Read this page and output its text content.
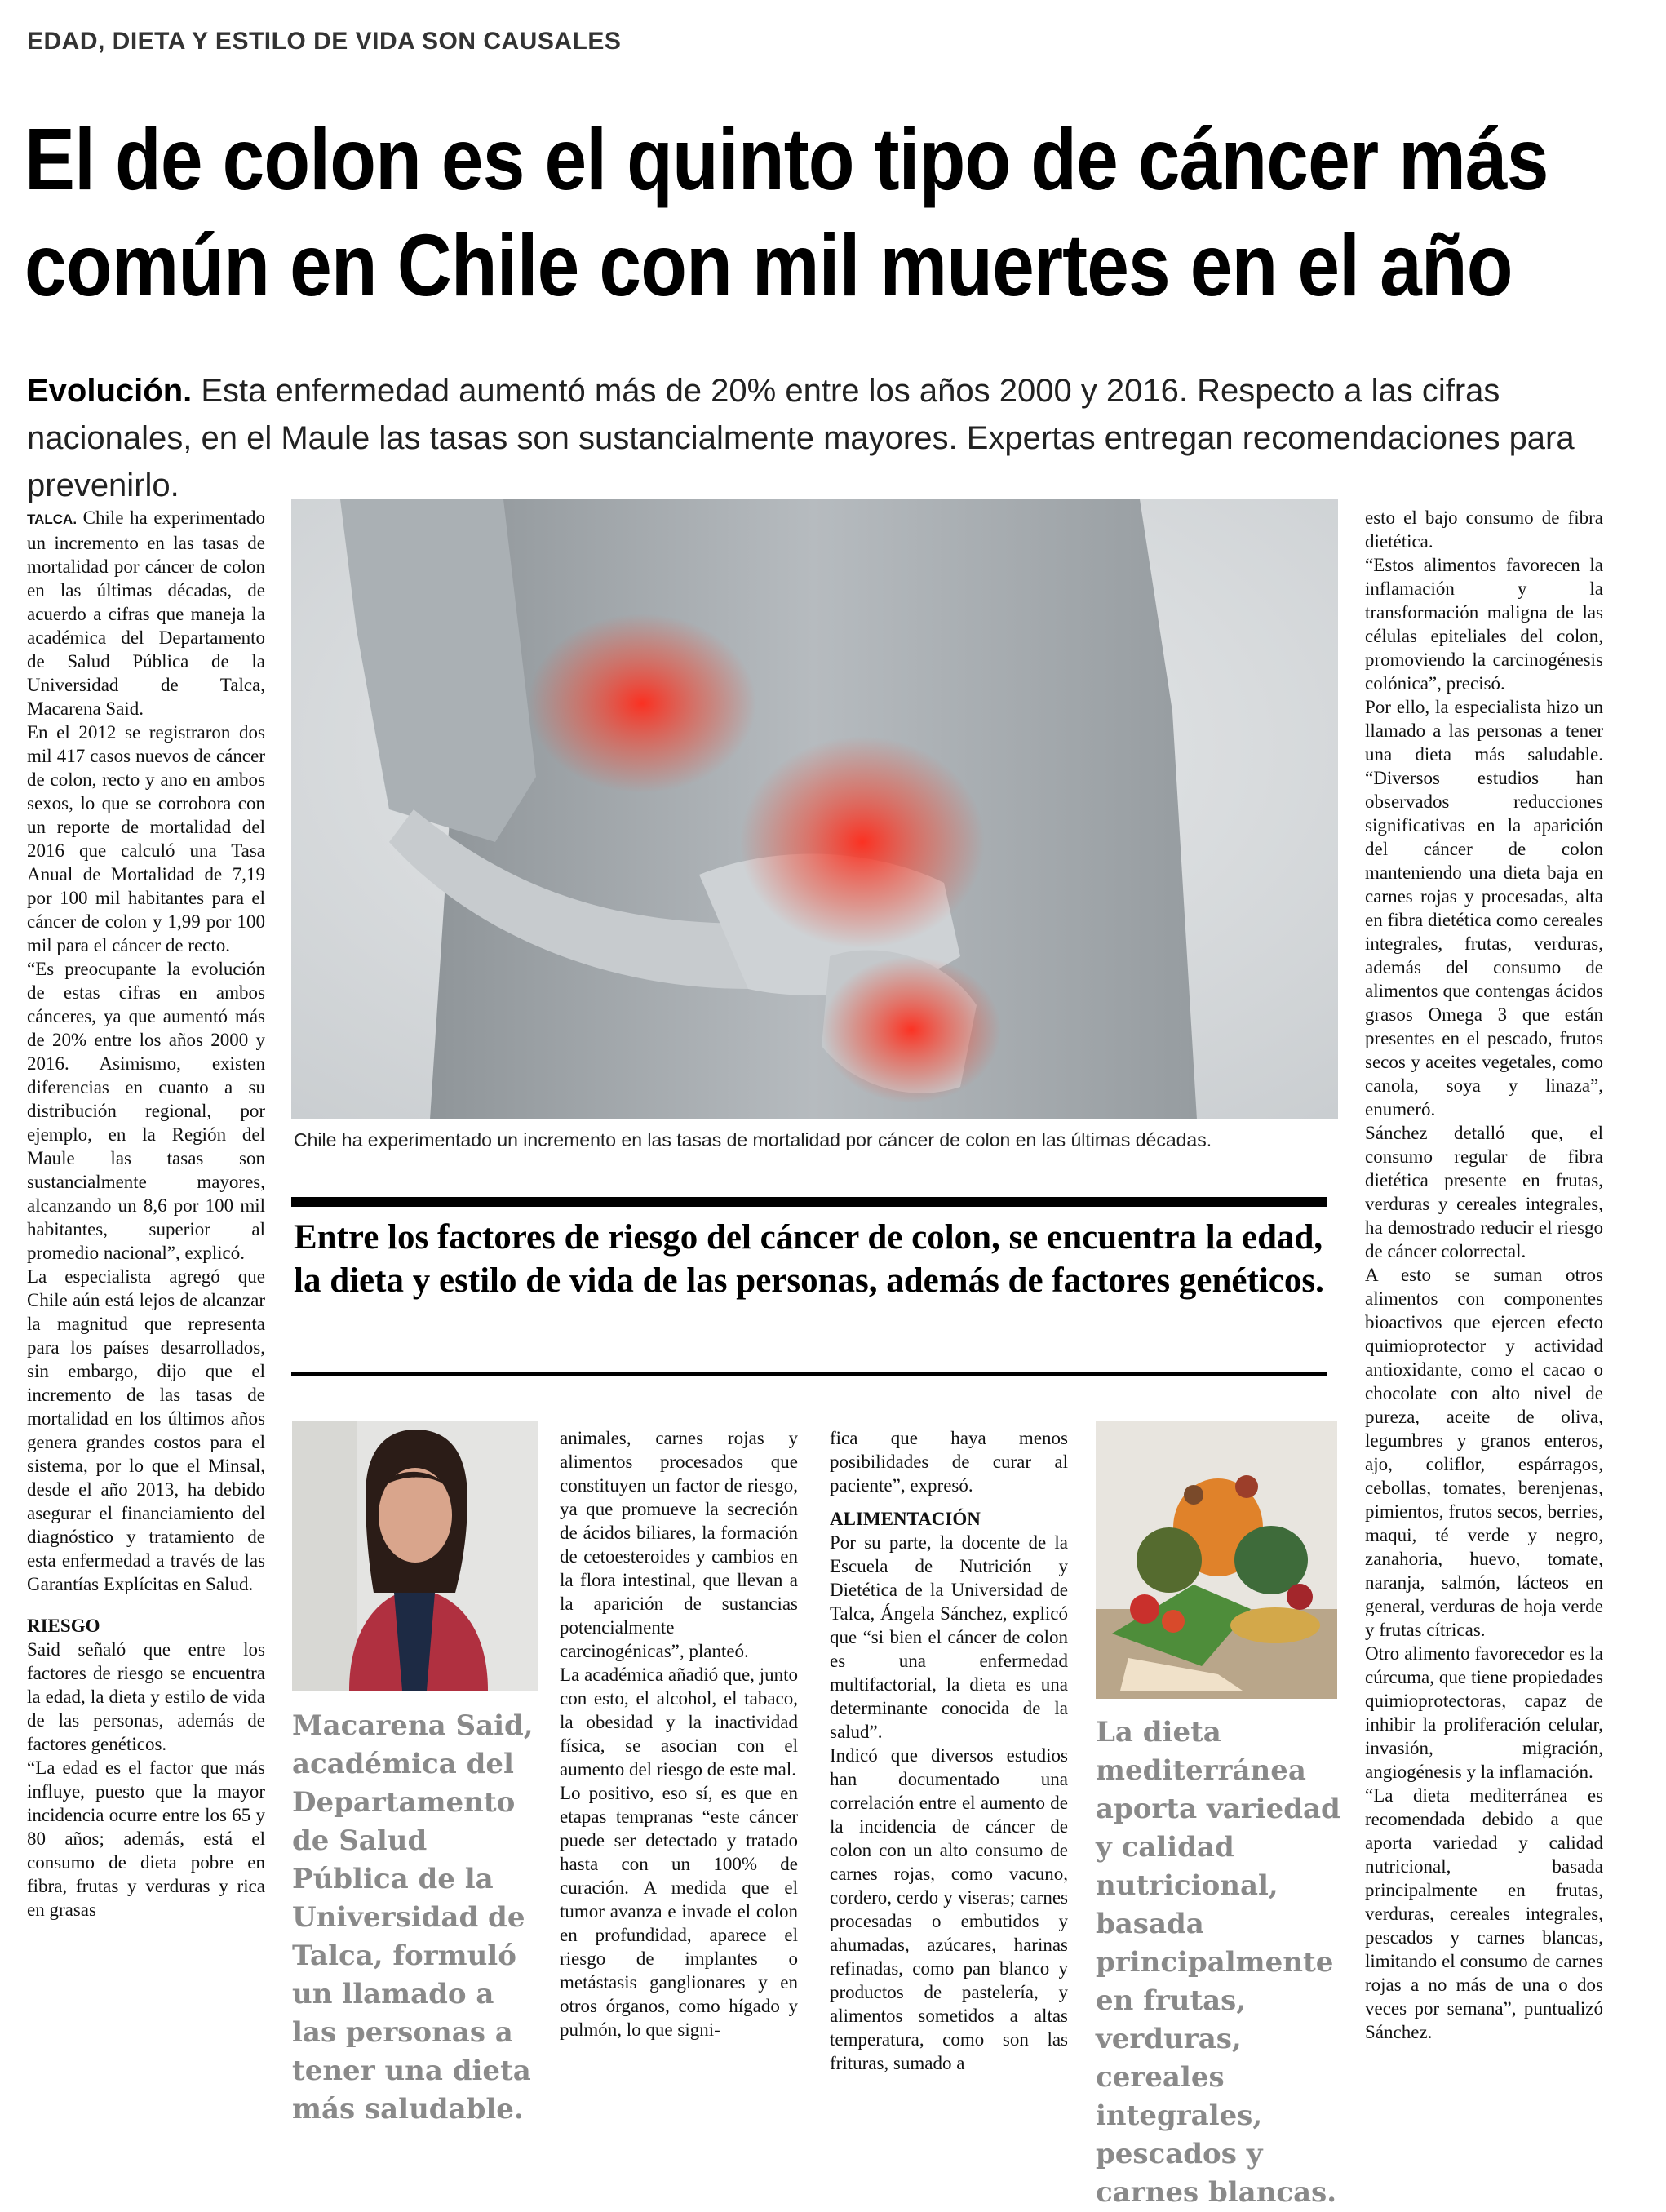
EDAD, DIETA Y ESTILO DE VIDA SON CAUSALES
El de colon es el quinto tipo de cáncer más
común en Chile con mil muertes en el año
Evolución. Esta enfermedad aumentó más de 20% entre los años 2000 y 2016. Respecto a las cifras nacionales, en el Maule las tasas son sustancialmente mayores. Expertas entregan recomendaciones para prevenirlo.

TALCA. Chile ha experimentado un incremento en las tasas de mortalidad por cáncer de colon en las últimas décadas, de acuerdo a cifras que maneja la académica del Departamento de Salud Pública de la Universidad de Talca, Macarena Said.

En el 2012 se registraron dos mil 417 casos nuevos de cáncer de colon, recto y ano en ambos sexos, lo que se corrobora con un reporte de mortalidad del 2016 que calculó una Tasa Anual de Mortalidad de 7,19 por 100 mil habitantes para el cáncer de colon y 1,99 por 100 mil para el cáncer de recto.

“Es preocupante la evolución de estas cifras en ambos cánceres, ya que aumentó más de 20% entre los años 2000 y 2016. Asimismo, existen diferencias en cuanto a su distribución regional, por ejemplo, en la Región del Maule las tasas son sustancialmente mayores, alcanzando un 8,6 por 100 mil habitantes, superior al promedio nacional”, explicó.

La especialista agregó que Chile aún está lejos de alcanzar la magnitud que representa para los países desarrollados, sin embargo, dijo que el incremento de las tasas de mortalidad en los últimos años genera grandes costos para el sistema, por lo que el Minsal, desde el año 2013, ha debido asegurar el financiamiento del diagnóstico y tratamiento de esta enfermedad a través de las Garantías Explícitas en Salud.

RIESGO

Said señaló que entre los factores de riesgo se encuentra la edad, la dieta y estilo de vida de las personas, además de factores genéticos.

“La edad es el factor que más influye, puesto que la mayor incidencia ocurre entre los 65 y 80 años; además, está el consumo de dieta pobre en fibra, frutas y verduras y rica en grasas

Chile ha experimentado un incremento en las tasas de mortalidad por cáncer de colon en las últimas décadas.
Entre los factores de riesgo del cáncer de colon, se encuentra la edad, la dieta y estilo de vida de las personas, además de factores genéticos.
Macarena Said, académica del Departamento de Salud Pública de la Universidad de Talca, formuló un llamado a las personas a tener una dieta más saludable.

animales, carnes rojas y alimentos procesados que constituyen un factor de riesgo, ya que promueve la secreción de ácidos biliares, la formación de cetoesteroides y cambios en la flora intestinal, que llevan a la aparición de sustancias potencialmente carcinogénicas”, planteó.

La académica añadió que, junto con esto, el alcohol, el tabaco, la obesidad y la inactividad física, se asocian con el aumento del riesgo de este mal.

Lo positivo, eso sí, es que en etapas tempranas “este cáncer puede ser detectado y tratado hasta con un 100% de curación. A medida que el tumor avanza e invade el colon en profundidad, aparece el riesgo de implantes o metástasis ganglionares y en otros órganos, como hígado y pulmón, lo que signi-

fica que haya menos posibilidades de curar al paciente”, expresó.

ALIMENTACIÓN

Por su parte, la docente de la Escuela de Nutrición y Dietética de la Universidad de Talca, Ángela Sánchez, explicó que “si bien el cáncer de colon es una enfermedad multifactorial, la dieta es una determinante conocida de la salud”.

Indicó que diversos estudios han documentado una correlación entre el aumento de la incidencia de cáncer de colon con un alto consumo de carnes rojas, como vacuno, cordero, cerdo y viseras; carnes procesadas o embutidos y ahumadas, azúcares, harinas refinadas, como pan blanco y productos de pastelería, y alimentos sometidos a altas temperatura, como son las frituras, sumado a

La dieta mediterránea aporta variedad y calidad nutricional, basada principalmente en frutas, verduras, cereales integrales, pescados y carnes blancas.

esto el bajo consumo de fibra dietética.

“Estos alimentos favorecen la inflamación y la transformación maligna de las células epiteliales del colon, promoviendo la carcinogénesis colónica”, precisó.

Por ello, la especialista hizo un llamado a las personas a tener una dieta más saludable. “Diversos estudios han observados reducciones significativas en la aparición del cáncer de colon manteniendo una dieta baja en carnes rojas y procesadas, alta en fibra dietética como cereales integrales, frutas, verduras, además del consumo de alimentos que contengas ácidos grasos Omega 3 que están presentes en el pescado, frutos secos y aceites vegetales, como canola, soya y linaza”, enumeró.

Sánchez detalló que, el consumo regular de fibra dietética presente en frutas, verduras y cereales integrales, ha demostrado reducir el riesgo de cáncer colorrectal.

A esto se suman otros alimentos con componentes bioactivos que ejercen efecto quimioprotector y actividad antioxidante, como el cacao o chocolate con alto nivel de pureza, aceite de oliva, legumbres y granos enteros, ajo, coliflor, espárragos, cebollas, tomates, berenjenas, pimientos, frutos secos, berries, maqui, té verde y negro, zanahoria, huevo, tomate, naranja, salmón, lácteos en general, verduras de hoja verde y frutas cítricas.

Otro alimento favorecedor es la cúrcuma, que tiene propiedades quimioprotectoras, capaz de inhibir la proliferación celular, invasión, migración, angiogénesis y la inflamación.

“La dieta mediterránea es recomendada debido a que aporta variedad y calidad nutricional, basada principalmente en frutas, verduras, cereales integrales, pescados y carnes blancas, limitando el consumo de carnes rojas a no más de una o dos veces por semana”, puntualizó Sánchez.
